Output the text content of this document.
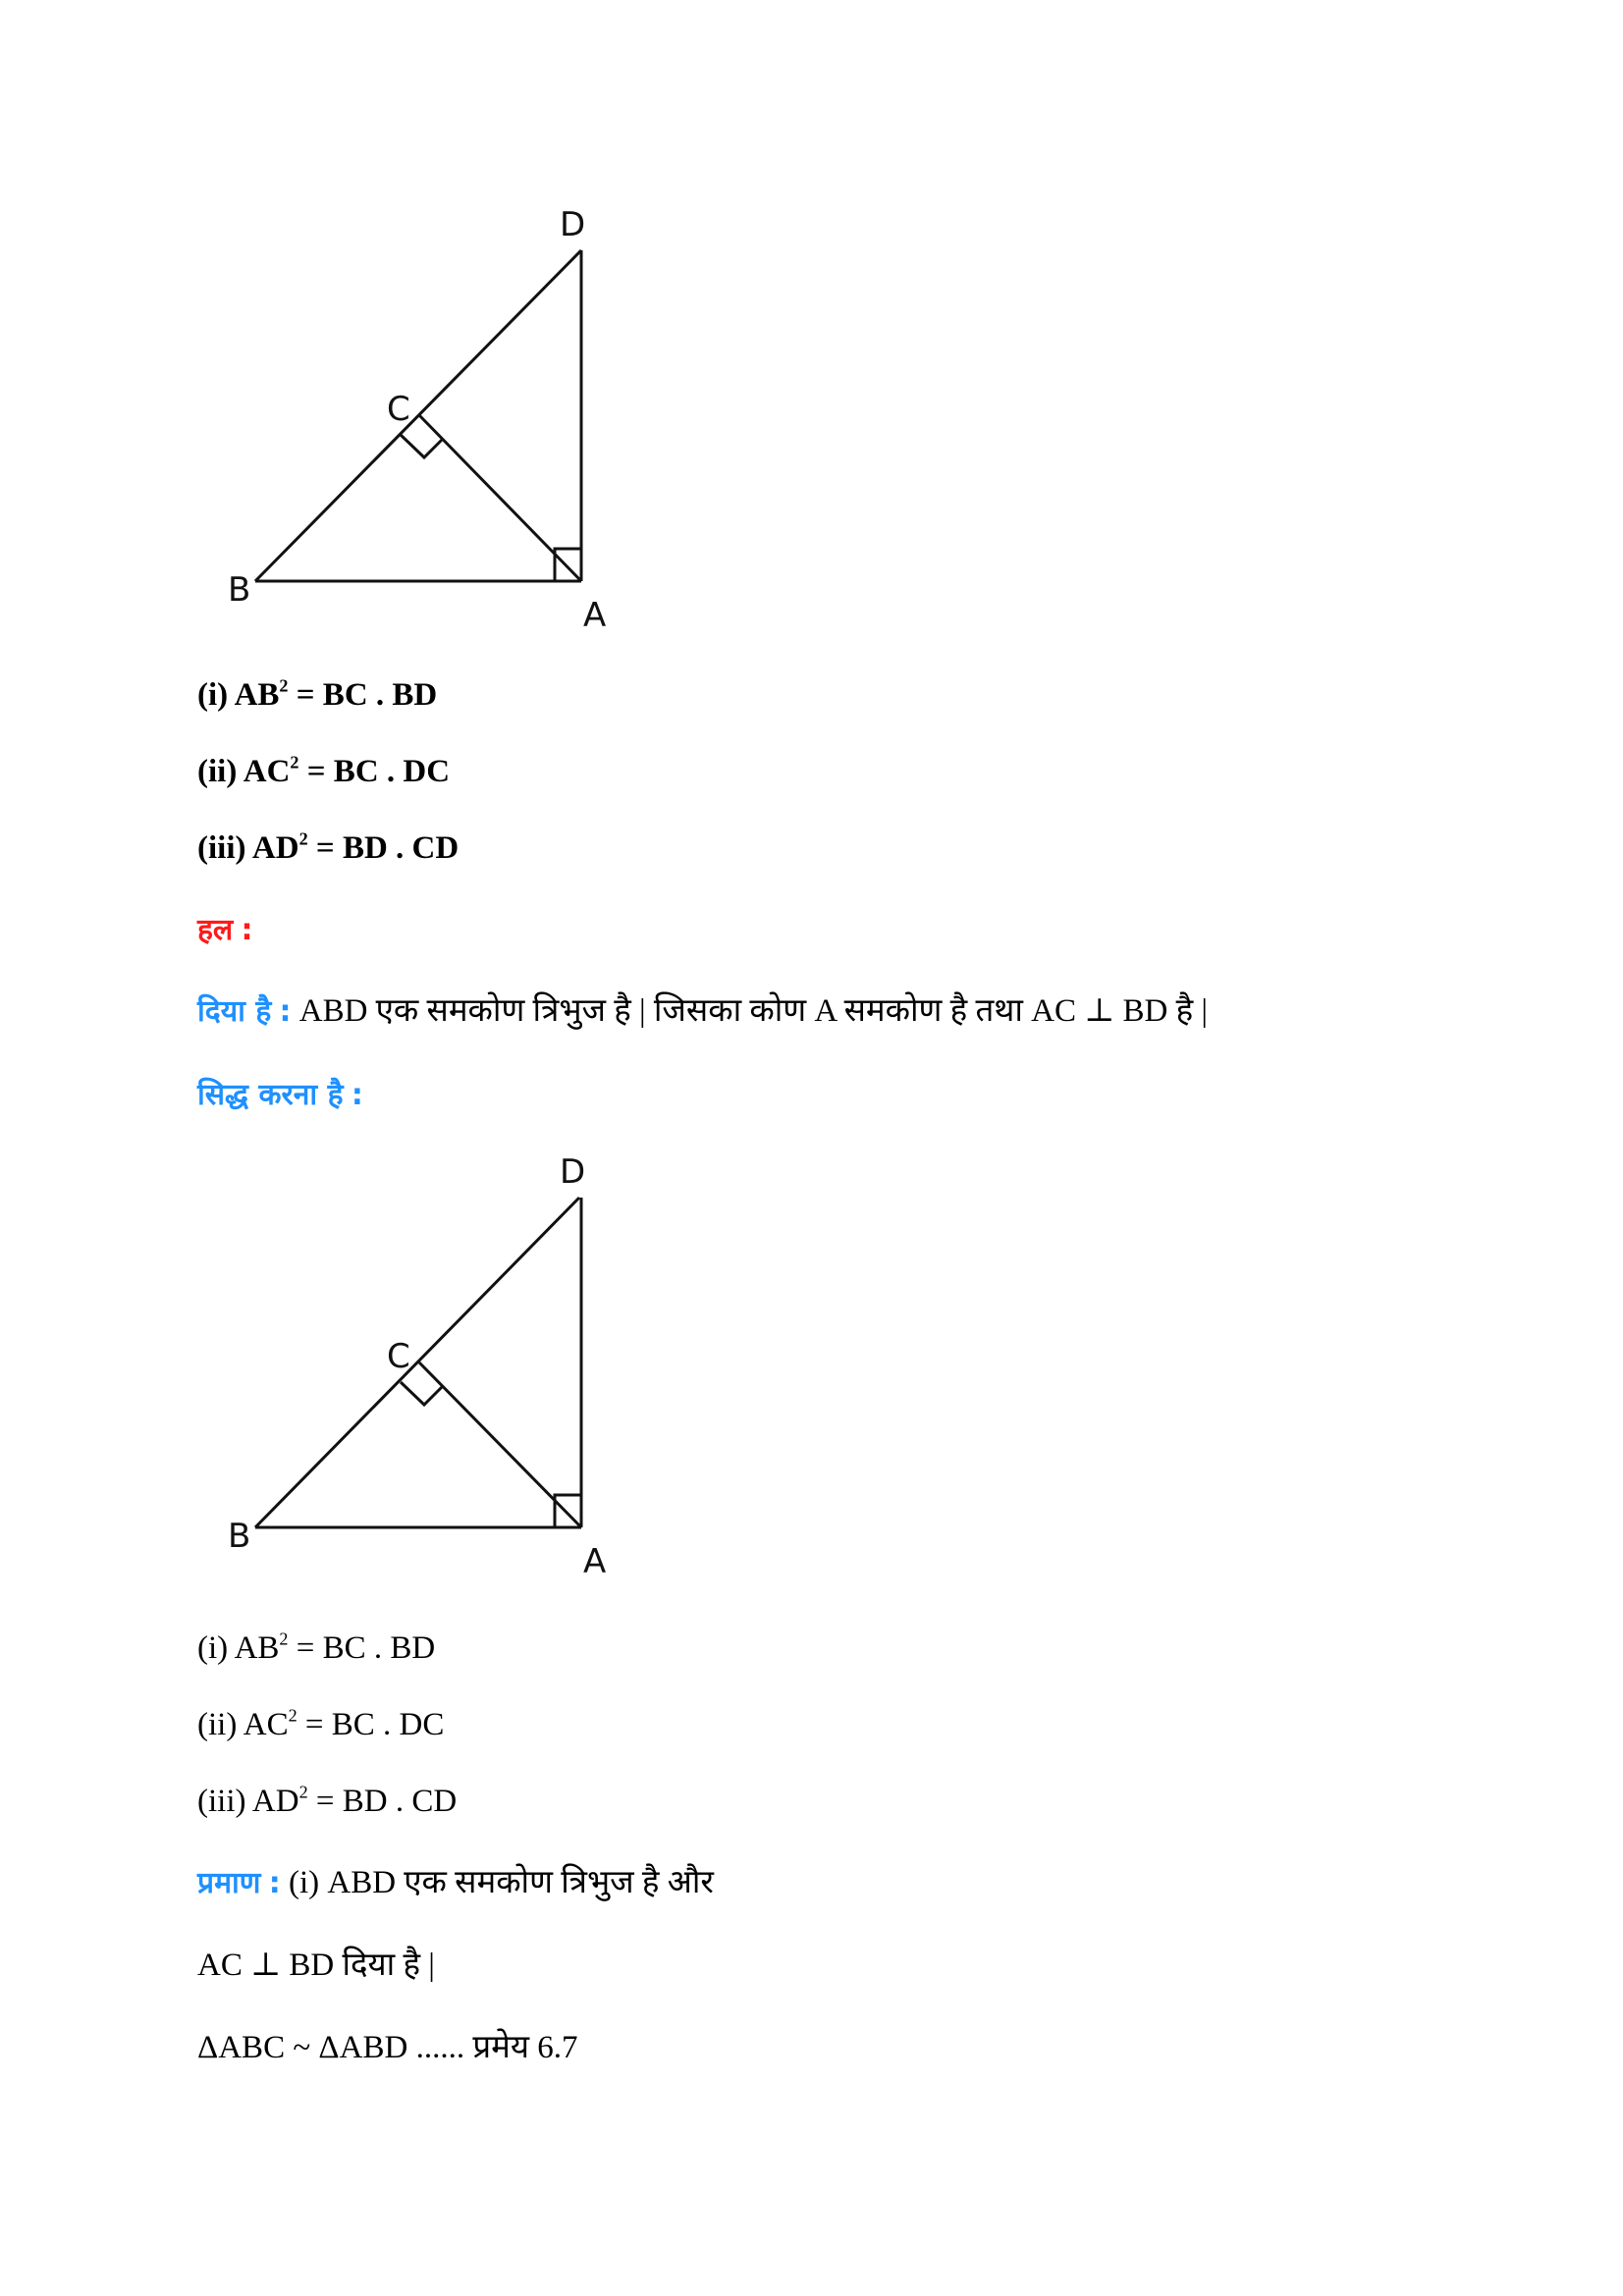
D
C
B
A
(i) $AB^2$ = BC . BD
(ii) $AC^2$ = BC . DC
(iii) $AD^2$ = BD . CD
हल :
दिया है : ABD एक समकोण त्रिभुज है | जिसका कोण A समकोण है तथा AC ⊥ BD है |
सिद्ध करना है :
D
C
B
A
(i) $AB^2$ = BC . BD
(ii) $AC^2$ = BC . DC
(iii) $AD^2$ = BD . CD
प्रमाण : (i) ABD एक समकोण त्रिभुज है और
AC ⊥ BD दिया है |
ΔABC ~ ΔABD ...... प्रमेय 6.7
